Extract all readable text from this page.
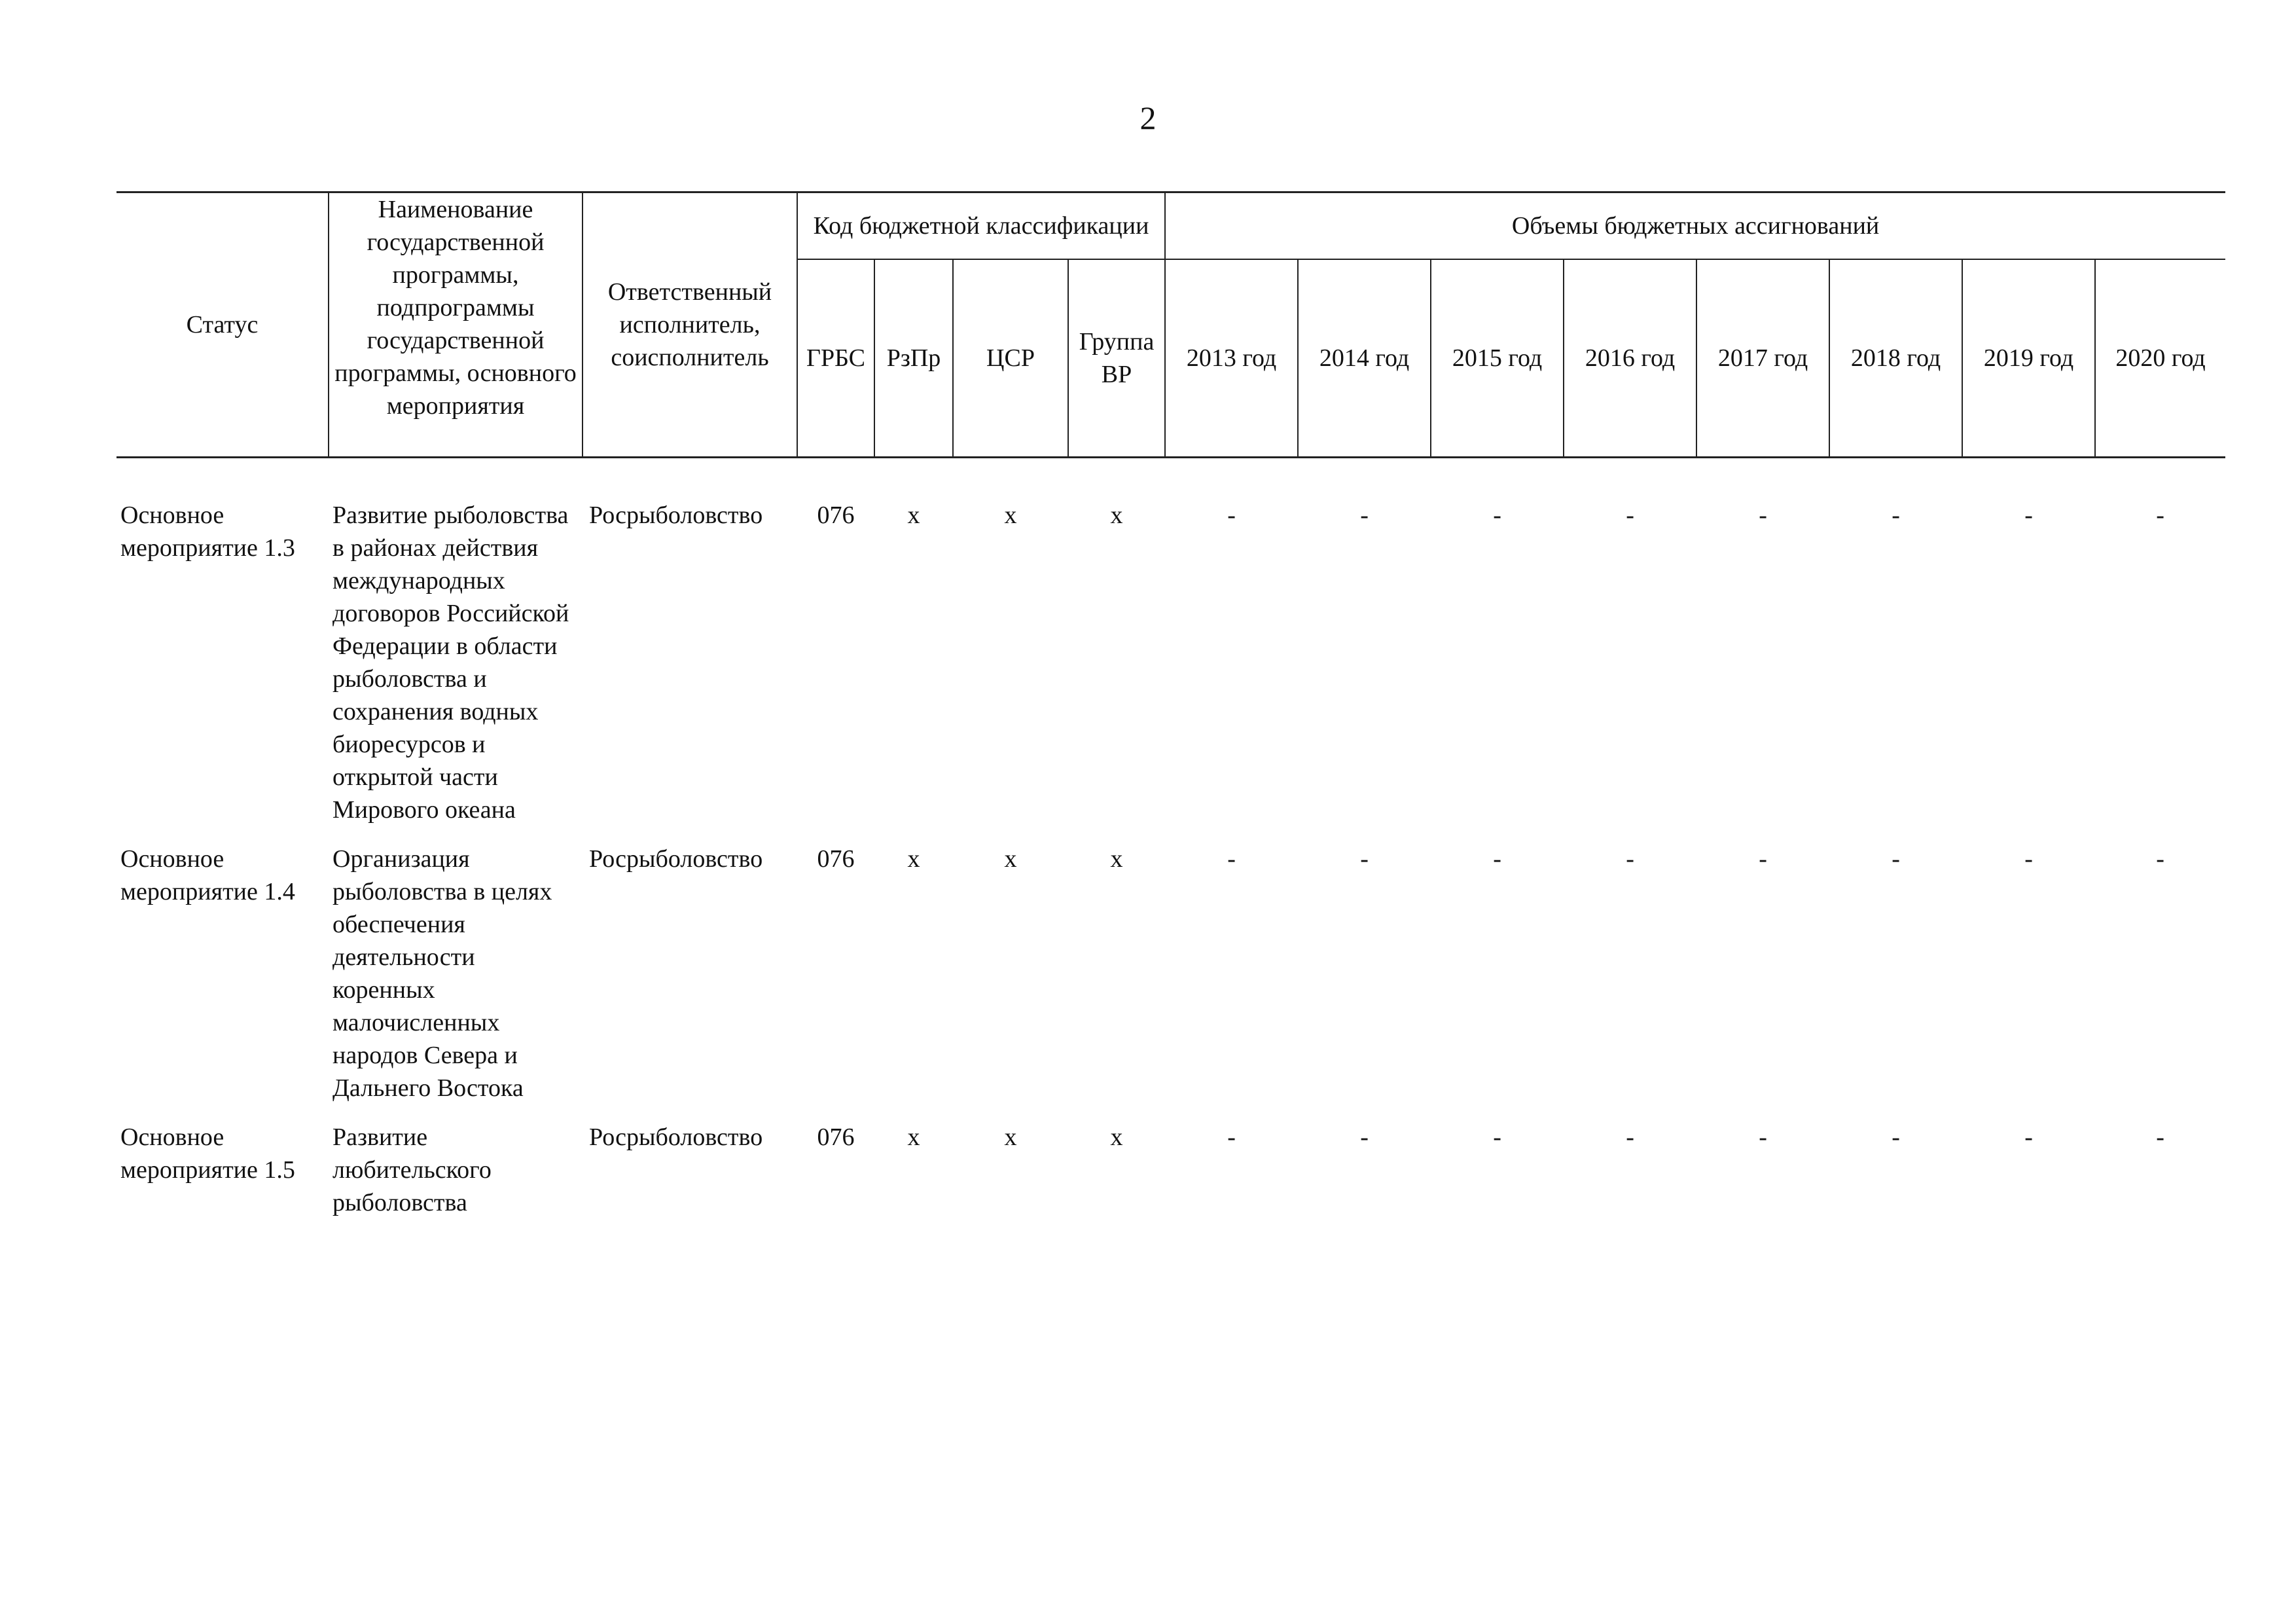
2
Статус	Наименование государственной программы, подпрограммы государственной программы, основного мероприятия	Ответственный исполнитель, соисполнитель	Код бюджетной классификации				Объемы бюджетных ассигнований							
			ГРБС	РзПр	ЦСР	Группа ВР	2013 год	2014 год	2015 год	2016 год	2017 год	2018 год	2019 год	2020 год

Основное мероприятие 1.3	Развитие рыболовства в районах действия международных договоров Российской Федерации в области рыболовства и сохранения водных биоресурсов и открытой части Мирового океана	Росрыболовство	076	х	х	х	-	-	-	-	-	-	-	-
Основное мероприятие 1.4	Организация рыболовства в целях обеспечения деятельности коренных малочисленных народов Севера и Дальнего Востока	Росрыболовство	076	х	х	х	-	-	-	-	-	-	-	-
Основное мероприятие 1.5	Развитие любительского рыболовства	Росрыболовство	076	х	х	х	-	-	-	-	-	-	-	-
